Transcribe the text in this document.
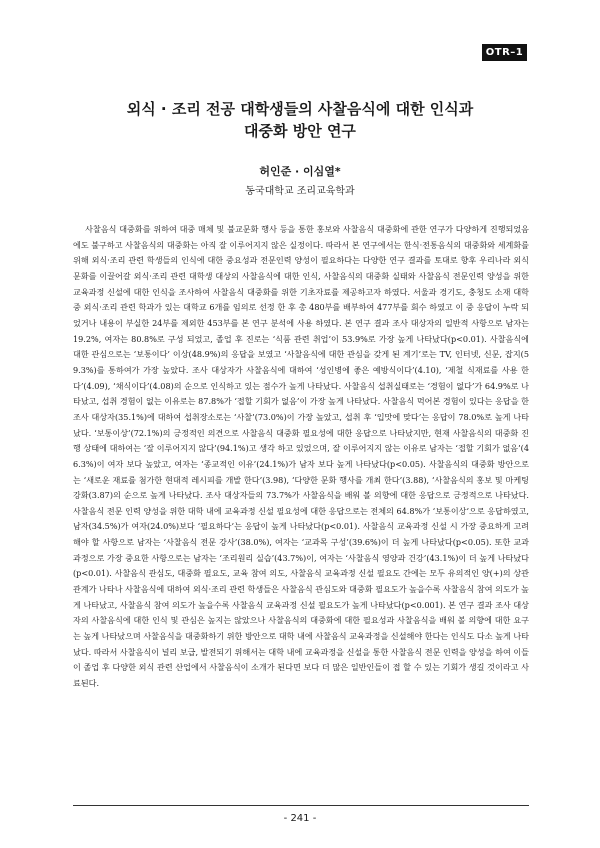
OTR–1
외식 · 조리 전공 대학생들의 사찰음식에 대한 인식과
대중화 방안 연구
허인준 · 이심열*
동국대학교 조리교육학과

사찰음식 대중화를 위하여 대중 매체 및 불교문화 행사 등을 통한 홍보와 사찰음식 대중화에 관한 연구가 다양하게 진행되었음에도 불구하고 사찰음식의 대중화는 아직 잘 이루어지지 않은 실정이다. 따라서 본 연구에서는 한식·전통음식의 대중화와 세계화를 위해 외식·조리 관련 학생들의 인식에 대한 중요성과 전문인력 양성이 필요하다는 다양한 연구 결과를 토대로 향후 우리나라 외식문화를 이끌어갈 외식·조리 관련 대학생 대상의 사찰음식에 대한 인식, 사찰음식의 대중화 실태와 사찰음식 전문인력 양성을 위한 교육과정 신설에 대한 인식을 조사하여 사찰음식 대중화를 위한 기초자료를 제공하고자 하였다. 서울과 경기도, 충청도 소재 대학 중 외식·조리 관련 학과가 있는 대학교 6개를 임의로 선정 한 후 총 480부를 배부하여 477부를 회수 하였고 이 중 응답이 누락 되었거나 내용이 부실한 24부를 제외한 453부를 본 연구 분석에 사용 하였다. 본 연구 결과 조사 대상자의 일반적 사항으로 남자는 19.2%, 여자는 80.8%로 구성 되었고, 졸업 후 진로는 ‘식품 관련 취업’이 53.9%로 가장 높게 나타났다(p<0.01). 사찰음식에 대한 관심으로는 ‘보통이다’ 이상(48.9%)의 응답을 보였고 ‘사찰음식에 대한 관심을 갖게 된 계기’로는 TV, 인터넷, 신문, 잡지(59.3%)를 통하여가 가장 높았다. 조사 대상자가 사찰음식에 대하여 ‘성인병에 좋은 예방식이다’(4.10), ‘제철 식재료를 사용 한다’(4.09), ‘채식이다’(4.08)의 순으로 인식하고 있는 점수가 높게 나타났다. 사찰음식 섭취실태로는 ‘경험이 없다’가 64.9%로 나타났고, 섭취 경험이 없는 이유로는 87.8%가 ‘접할 기회가 없음’이 가장 높게 나타났다. 사찰음식 먹어본 경험이 있다는 응답을 한 조사 대상자(35.1%)에 대하여 섭취장소로는 ‘사찰’(73.0%)이 가장 높았고, 섭취 후 ‘입맛에 맞다’는 응답이 78.0%로 높게 나타났다. ‘보통이상’(72.1%)의 긍정적인 의견으로 사찰음식 대중화 필요성에 대한 응답으로 나타났지만, 현재 사찰음식의 대중화 진행 상태에 대하여는 ‘잘 이루어지지 않다’(94.1%)고 생각 하고 있었으며, 잘 이루어지지 않는 이유로 남자는 ‘접할 기회가 없음’(46.3%)이 여자 보다 높았고, 여자는 ‘종교적인 이유’(24.1%)가 남자 보다 높게 나타났다(p<0.05). 사찰음식의 대중화 방안으로는 ‘새로운 재료를 첨가한 현대적 레시피를 개발 한다’(3.98), ‘다양한 문화 행사를 개최 한다’(3.88), ‘사찰음식의 홍보 및 마케팅 강화(3.87)의 순으로 높게 나타났다. 조사 대상자들의 73.7%가 사찰음식을 배워 볼 의향에 대한 응답으로 긍정적으로 나타났다. 사찰음식 전문 인력 양성을 위한 대학 내에 교육과정 신설 필요성에 대한 응답으로는 전체의 64.8%가 ‘보통이상’으로 응답하였고, 남자(34.5%)가 여자(24.0%)보다 ‘필요하다’는 응답이 높게 나타났다(p<0.01). 사찰음식 교육과정 신설 시 가장 중요하게 고려해야 할 사항으로 남자는 ‘사찰음식 전문 강사’(38.0%), 여자는 ‘교과목 구성’(39.6%)이 더 높게 나타났다(p<0.05). 또한 교과과정으로 가장 중요한 사항으로는 남자는 ‘조리원리 실습’(43.7%)이, 여자는 ‘사찰음식 영양과 건강’(43.1%)이 더 높게 나타났다(p<0.01). 사찰음식 관심도, 대중화 필요도, 교육 참여 의도, 사찰음식 교육과정 신설 필요도 간에는 모두 유의적인 양(+)의 상관관계가 나타나 사찰음식에 대하여 외식·조리 관련 학생들은 사찰음식 관심도와 대중화 필요도가 높을수록 사찰음식 참여 의도가 높게 나타났고, 사찰음식 참여 의도가 높을수록 사찰음식 교육과정 신설 필요도가 높게 나타났다(p<0.001). 본 연구 결과 조사 대상자의 사찰음식에 대한 인식 및 관심은 높지는 않았으나 사찰음식의 대중화에 대한 필요성과 사찰음식을 배워 볼 의향에 대한 요구는 높게 나타났으며 사찰음식을 대중화하기 위한 방안으로 대학 내에 사찰음식 교육과정을 신설해야 한다는 인식도 다소 높게 나타났다. 따라서 사찰음식이 널리 보급, 발전되기 위해서는 대학 내에 교육과정을 신설을 통한 사찰음식 전문 인력을 양성을 하여 이들이 졸업 후 다양한 외식 관련 산업에서 사찰음식이 소개가 된다면 보다 더 많은 일반인들이 접 할 수 있는 기회가 생길 것이라고 사료된다.

- 241 -
